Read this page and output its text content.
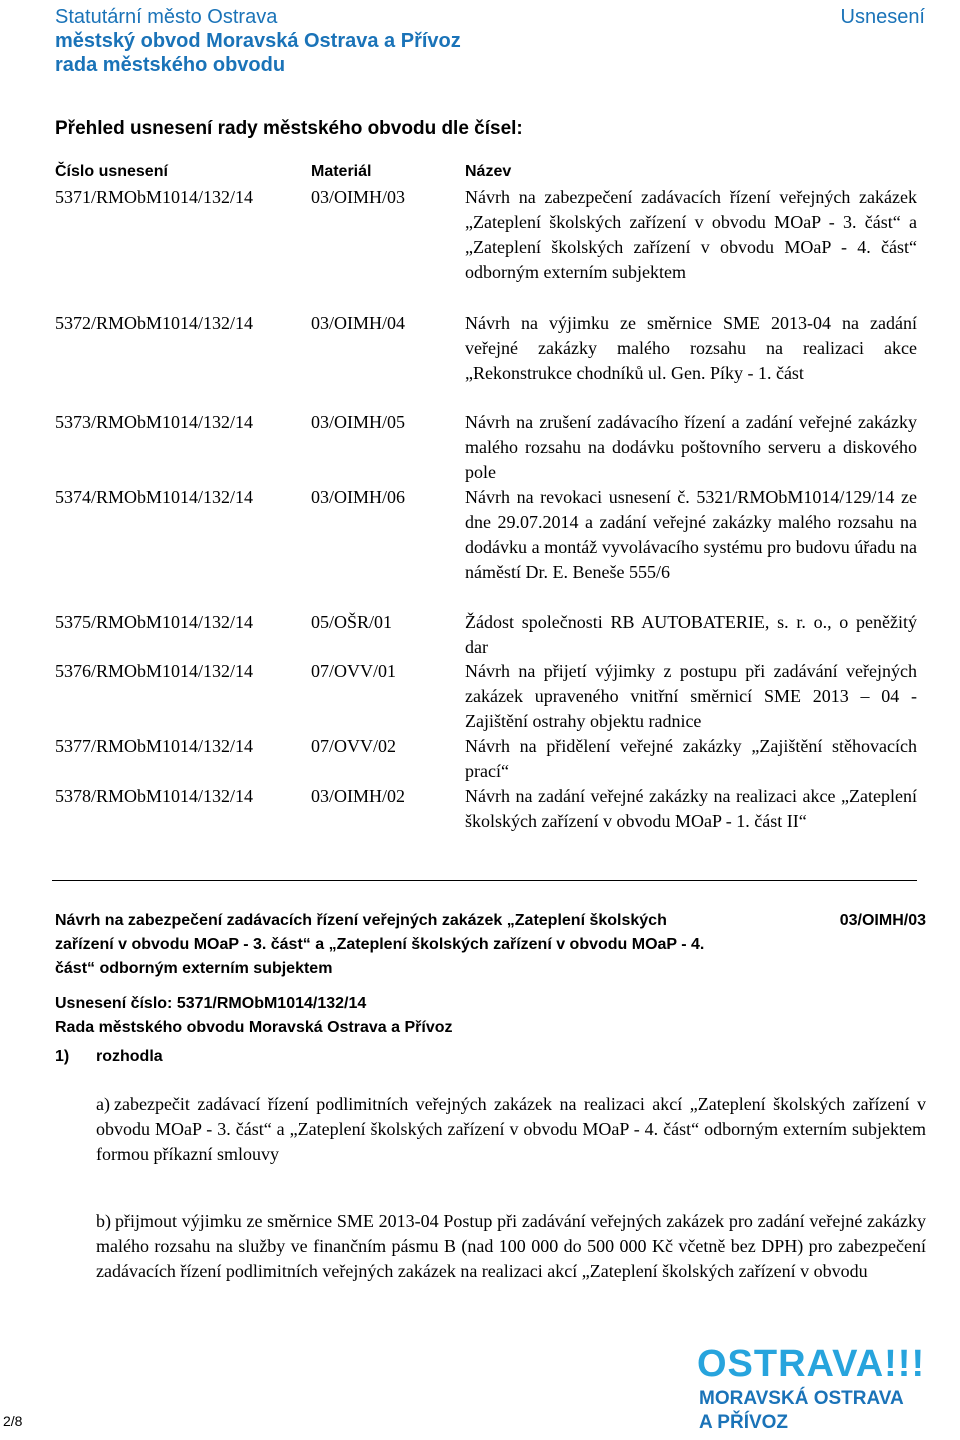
Statutární město Ostrava
městský obvod Moravská Ostrava a Přívoz
rada městského obvodu
Usnesení
Přehled usnesení rady městského obvodu dle čísel:
Číslo usnesení	Materiál	Název
5371/RMObM1014/132/14	03/OIMH/03	Návrh na zabezpečení zadávacích řízení veřejných zakázek „Zateplení školských zařízení v obvodu MOaP - 3. část“ a „Zateplení školských zařízení v obvodu MOaP - 4. část“ odborným externím subjektem
5372/RMObM1014/132/14	03/OIMH/04	Návrh na výjimku ze směrnice SME 2013-04 na zadání veřejné zakázky malého rozsahu na realizaci akce „Rekonstrukce chodníků ul. Gen. Píky - 1. část
5373/RMObM1014/132/14	03/OIMH/05	Návrh na zrušení zadávacího řízení a zadání veřejné zakázky malého rozsahu na dodávku poštovního serveru a diskového pole
5374/RMObM1014/132/14	03/OIMH/06	Návrh na revokaci usnesení č. 5321/RMObM1014/129/14 ze dne 29.07.2014 a zadání veřejné zakázky malého rozsahu na dodávku a montáž vyvolávacího systému pro budovu úřadu na náměstí Dr. E. Beneše 555/6
5375/RMObM1014/132/14	05/OŠR/01	Žádost společnosti RB AUTOBATERIE, s. r. o., o peněžitý dar
5376/RMObM1014/132/14	07/OVV/01	Návrh na přijetí výjimky z postupu při zadávání veřejných zakázek upraveného vnitřní směrnicí SME 2013 – 04 - Zajištění ostrahy objektu radnice
5377/RMObM1014/132/14	07/OVV/02	Návrh na přidělení veřejné zakázky „Zajištění stěhovacích prací“
5378/RMObM1014/132/14	03/OIMH/02	Návrh na zadání veřejné zakázky na realizaci akce „Zateplení školských zařízení v obvodu MOaP - 1. část II“
Návrh na zabezpečení zadávacích řízení veřejných zakázek „Zateplení školských zařízení v obvodu MOaP - 3. část“ a „Zateplení školských zařízení v obvodu MOaP - 4. část“ odborným externím subjektem
03/OIMH/03
Usnesení číslo: 5371/RMObM1014/132/14
Rada městského obvodu Moravská Ostrava a Přívoz
1) rozhodla
a) zabezpečit zadávací řízení podlimitních veřejných zakázek na realizaci akcí „Zateplení školských zařízení v obvodu MOaP - 3. část“ a „Zateplení školských zařízení v obvodu MOaP - 4. část“ odborným externím subjektem formou příkazní smlouvy
b) přijmout výjimku ze směrnice SME 2013-04 Postup při zadávání veřejných zakázek pro zadání veřejné zakázky malého rozsahu na služby ve finančním pásmu B (nad 100 000 do 500 000 Kč včetně bez DPH) pro zabezpečení zadávacích řízení podlimitních veřejných zakázek na realizaci akcí „Zateplení školských zařízení v obvodu
2/8
OSTRAVA!!!
MORAVSKÁ OSTRAVA
A PŘÍVOZ
